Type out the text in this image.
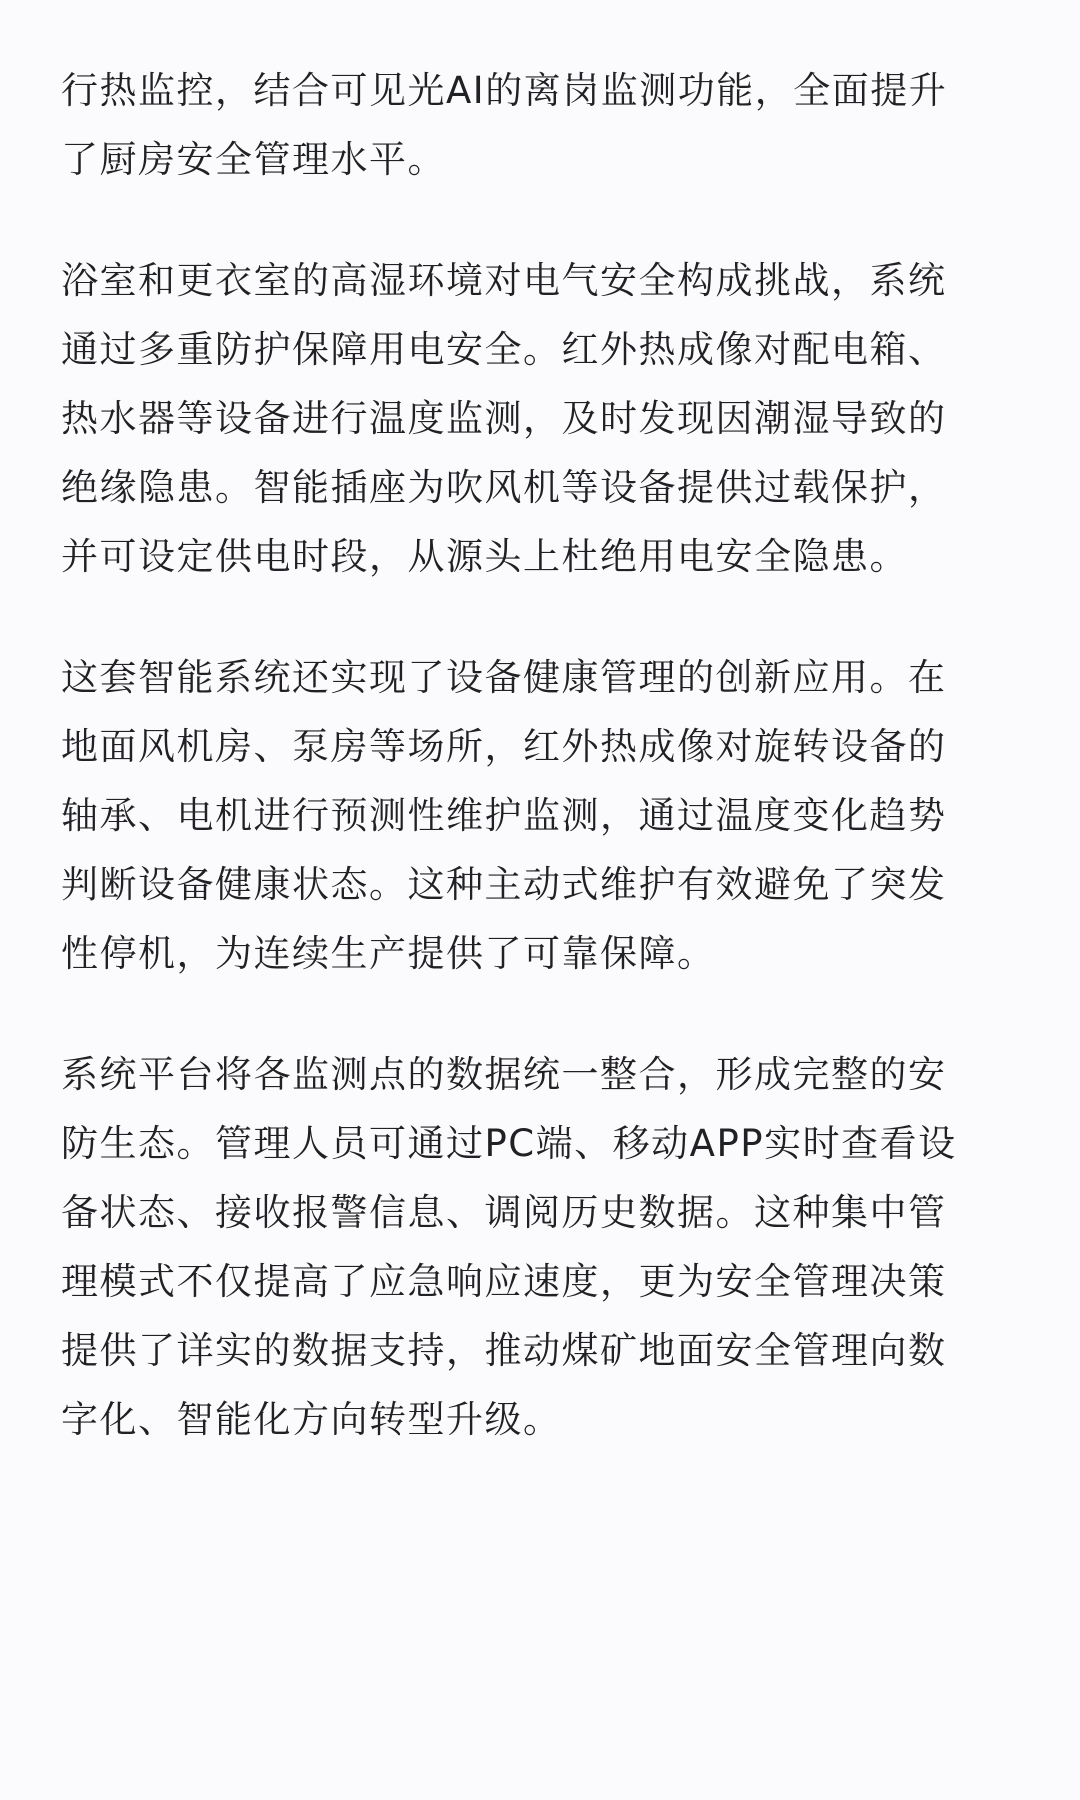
行热监控，结合可见光AI的离岗监测功能，全面提升
了厨房安全管理水平。
浴室和更衣室的高湿环境对电气安全构成挑战，系统
通过多重防护保障用电安全。红外热成像对配电箱、
热水器等设备进行温度监测，及时发现因潮湿导致的
绝缘隐患。智能插座为吹风机等设备提供过载保护，
并可设定供电时段，从源头上杜绝用电安全隐患。
这套智能系统还实现了设备健康管理的创新应用。在
地面风机房、泵房等场所，红外热成像对旋转设备的
轴承、电机进行预测性维护监测，通过温度变化趋势
判断设备健康状态。这种主动式维护有效避免了突发
性停机，为连续生产提供了可靠保障。
系统平台将各监测点的数据统一整合，形成完整的安
防生态。管理人员可通过PC端、移动APP实时查看设
备状态、接收报警信息、调阅历史数据。这种集中管
理模式不仅提高了应急响应速度，更为安全管理决策
提供了详实的数据支持，推动煤矿地面安全管理向数
字化、智能化方向转型升级。
